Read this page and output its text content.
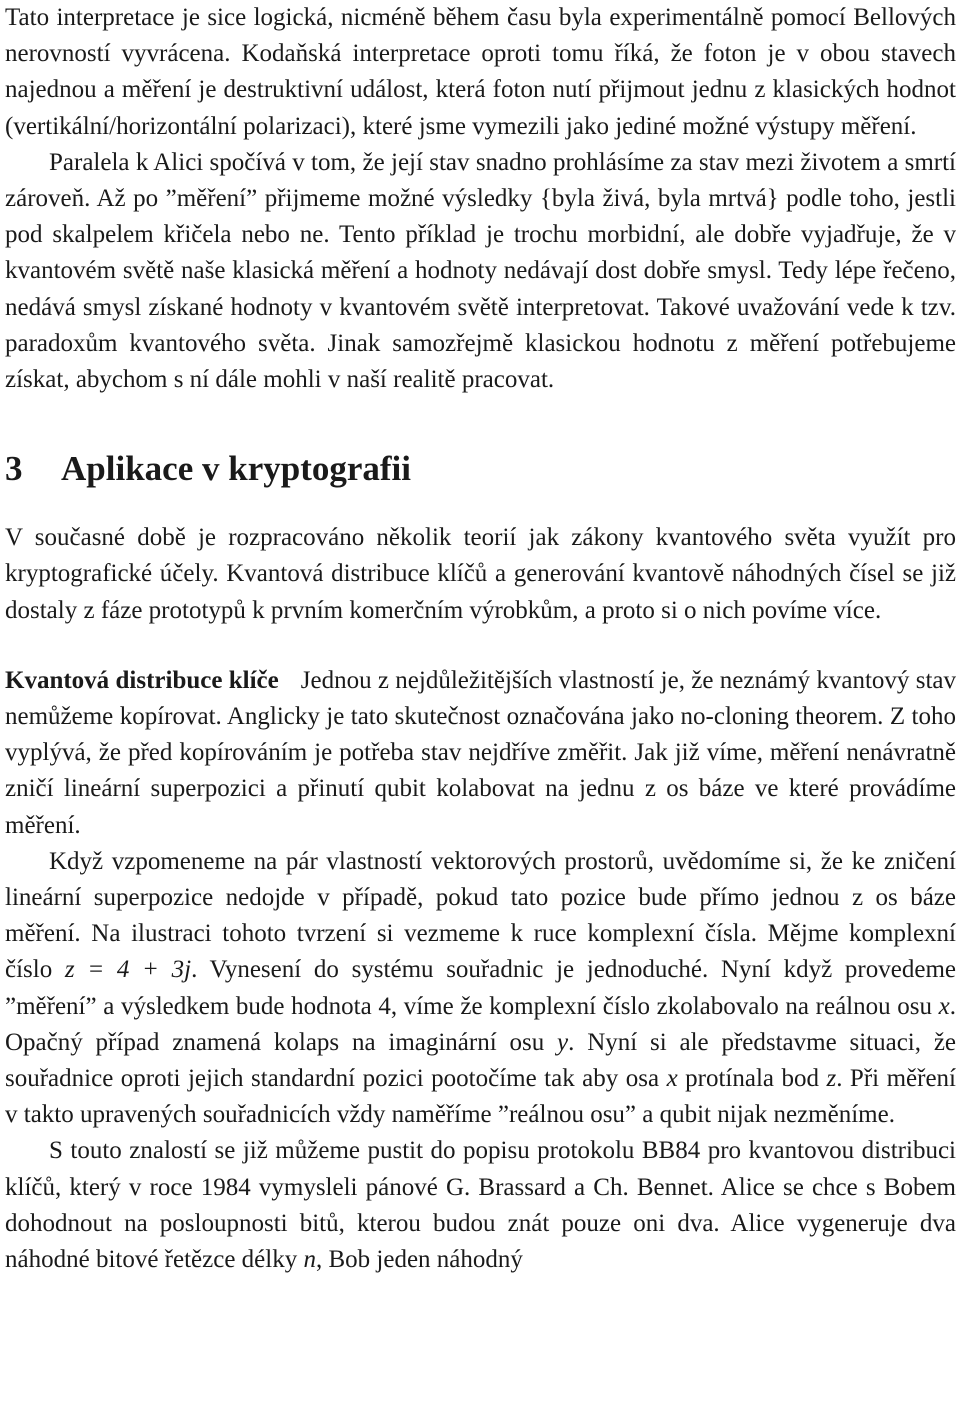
Tato interpretace je sice logická, nicméně během času byla experimentálně pomocí Bellových nerovností vyvrácena. Kodaňská interpretace oproti tomu říká, že foton je v obou stavech najednou a měření je destruktivní událost, která foton nutí přijmout jednu z klasických hodnot (vertikální/horizontální polarizaci), které jsme vymezili jako jediné možné výstupy měření.

Paralela k Alici spočívá v tom, že její stav snadno prohlásíme za stav mezi životem a smrtí zároveň. Až po ”měření” přijmeme možné výsledky {byla živá, byla mrtvá} podle toho, jestli pod skalpelem křičela nebo ne. Tento příklad je trochu morbidní, ale dobře vyjadřuje, že v kvantovém světě naše klasická měření a hodnoty nedávají dost dobře smysl. Tedy lépe řečeno, nedává smysl získané hodnoty v kvantovém světě interpretovat. Takové uvažování vede k tzv. paradoxům kvantového světa. Jinak samozřejmě klasickou hodnotu z měření potřebujeme získat, abychom s ní dále mohli v naší realitě pracovat.

3 Aplikace v kryptografii

V současné době je rozpracováno několik teorií jak zákony kvantového světa využít pro kryptografické účely. Kvantová distribuce klíčů a generování kvantově náhodných čísel se již dostaly z fáze prototypů k prvním komerčním výrobkům, a proto si o nich povíme více.

Kvantová distribuce klíče Jednou z nejdůležitějších vlastností je, že neznámý kvantový stav nemůžeme kopírovat. Anglicky je tato skutečnost označována jako no-cloning theorem. Z toho vyplývá, že před kopírováním je potřeba stav nejdříve změřit. Jak již víme, měření nenávratně zničí lineární superpozici a přinutí qubit kolabovat na jednu z os báze ve které provádíme měření.

Když vzpomeneme na pár vlastností vektorových prostorů, uvědomíme si, že ke zničení lineární superpozice nedojde v případě, pokud tato pozice bude přímo jednou z os báze měření. Na ilustraci tohoto tvrzení si vezmeme k ruce komplexní čísla. Mějme komplexní číslo z = 4 + 3j. Vynesení do systému souřadnic je jednoduché. Nyní když provedeme ”měření” a výsledkem bude hodnota 4, víme že komplexní číslo zkolabovalo na reálnou osu x. Opačný případ znamená kolaps na imaginární osu y. Nyní si ale představme situaci, že souřadnice oproti jejich standardní pozici pootočíme tak aby osa x protínala bod z. Při měření v takto upravených souřadnicích vždy naměříme ”reálnou osu” a qubit nijak nezměníme.

S touto znalostí se již můžeme pustit do popisu protokolu BB84 pro kvantovou distribuci klíčů, který v roce 1984 vymysleli pánové G. Brassard a Ch. Bennet. Alice se chce s Bobem dohodnout na posloupnosti bitů, kterou budou znát pouze oni dva. Alice vygeneruje dva náhodné bitové řetězce délky n, Bob jeden náhodný
